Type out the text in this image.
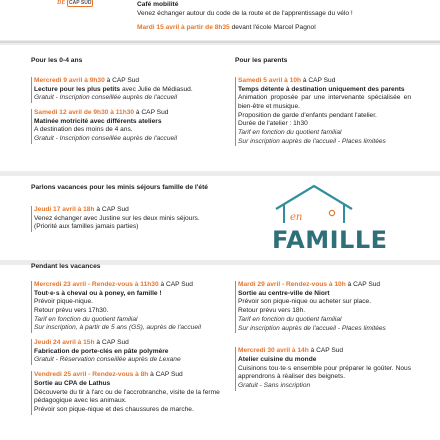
DE CAP SUD	Café mobilité
Venez échanger autour du code de la route et de l'apprentissage du vélo !
Mardi 15 avril à partir de 8h35 devant l'école Marcel Pagnol
Pour les 0-4 ans
Mercredi 9 avril à 9h30 à CAP Sud
Lecture pour les plus petits avec Julie de Médiasud.
Gratuit - Inscription conseillée auprès de l'accueil
Samedi 12 avril de 9h30 à 11h30 à CAP Sud
Matinée motricité avec différents ateliers
A destination des moins de 4 ans.
Gratuit - Inscription conseillée auprès de l'accueil
Pour les parents
Samedi 5 avril à 10h à CAP Sud
Temps détente à destination uniquement des parents
Animation proposée par une intervenante spécialisée en bien-être et musique.
Proposition de garde d'enfants pendant l'atelier.
Durée de l'atelier : 1h30
Tarif en fonction du quotient familial
Sur inscription auprès de l'accueil - Places limitées
Parlons vacances pour les minis séjours famille de l'été
Jeudi 17 avril à 18h à CAP Sud
Venez échanger avec Justine sur les deux minis séjours.
(Priorité aux familles jamais parties)
en
FAMILLE
Pendant les vacances
Mercredi 23 avril - Rendez-vous à 11h30 à CAP Sud
Tout·e·s à cheval ou à poney, en famille !
Prévoir pique-nique.
Retour prévu vers 17h30.
Tarif en fonction du quotient familial
Sur inscription, à partir de 5 ans (GS), auprès de l'accueil
Jeudi 24 avril à 15h à CAP Sud
Fabrication de porte-clés en pâte polymère
Gratuit - Réservation conseillée auprès de Lexane
Vendredi 25 avril - Rendez-vous à 8h à CAP Sud
Sortie au CPA de Lathus
Découverte du tir à l'arc ou de l'accrobranche, visite de la ferme pédagogique avec les animaux.
Prévoir son pique-nique et des chaussures de marche.
Mardi 29 avril - Rendez-vous à 10h à CAP Sud
Sortie au centre-ville de Niort
Prévoir son pique-nique ou acheter sur place.
Retour prévu vers 18h.
Tarif en fonction du quotient familial
Sur inscription auprès de l'accueil - Places limitées
Mercredi 30 avril à 14h à CAP Sud
Atelier cuisine du monde
Cuisinons tou·te·s ensemble pour préparer le goûter. Nous apprendrons à réaliser des beignets.
Gratuit - Sans inscription
